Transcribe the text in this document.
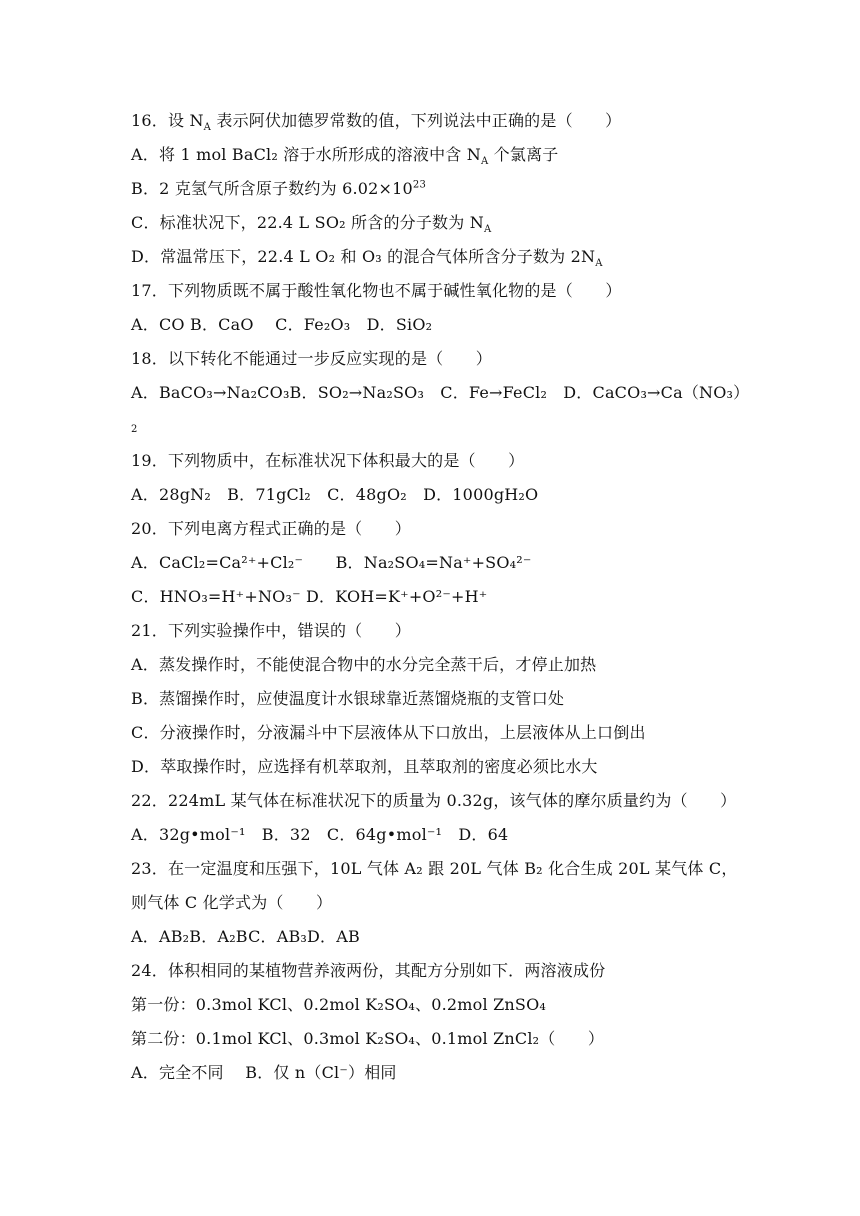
16．设 $N_A$ 表示阿伏加德罗常数的值，下列说法中正确的是（　　）
A．将 1 mol BaCl₂ 溶于水所形成的溶液中含 $N_A$ 个氯离子
B．2 克氢气所含原子数约为 $6.02\times 10^{23}$
C．标准状况下，22.4 L SO₂ 所含的分子数为 $N_A$
D．常温常压下，22.4 L O₂ 和 O₃ 的混合气体所含分子数为 $2N_A$
17．下列物质既不属于酸性氧化物也不属于碱性氧化物的是（　　）
A．CO B．CaO　 C．Fe₂O₃　D．SiO₂
18．以下转化不能通过一步反应实现的是（　　）
A．BaCO₃→Na₂CO₃B．SO₂→Na₂SO₃　C．Fe→FeCl₂　D．CaCO₃→Ca（NO₃）
2
19．下列物质中，在标准状况下体积最大的是（　　）
A．28gN₂　B．71gCl₂　C．48gO₂　D．1000gH₂O
20．下列电离方程式正确的是（　　）
A．CaCl₂=Ca²⁺+Cl₂⁻　　B．Na₂SO₄=Na⁺+SO₄²⁻
C．HNO₃=H⁺+NO₃⁻ D．KOH=K⁺+O²⁻+H⁺
21．下列实验操作中，错误的（　　）
A．蒸发操作时，不能使混合物中的水分完全蒸干后，才停止加热
B．蒸馏操作时，应使温度计水银球靠近蒸馏烧瓶的支管口处
C．分液操作时，分液漏斗中下层液体从下口放出，上层液体从上口倒出
D．萃取操作时，应选择有机萃取剂，且萃取剂的密度必须比水大
22．224mL 某气体在标准状况下的质量为 0.32g，该气体的摩尔质量约为（　　）
A．32g•mol⁻¹　B．32　C．64g•mol⁻¹　D．64
23．在一定温度和压强下，10L 气体 A₂ 跟 20L 气体 B₂ 化合生成 20L 某气体 C，
则气体 C 化学式为（　　）
A．AB₂B．A₂BC．AB₃D．AB
24．体积相同的某植物营养液两份，其配方分别如下．两溶液成份
第一份：0.3mol KCl、0.2mol K₂SO₄、0.2mol ZnSO₄
第二份：0.1mol KCl、0.3mol K₂SO₄、0.1mol ZnCl₂（　　）
A．完全不同　 B．仅 n（Cl⁻）相同
